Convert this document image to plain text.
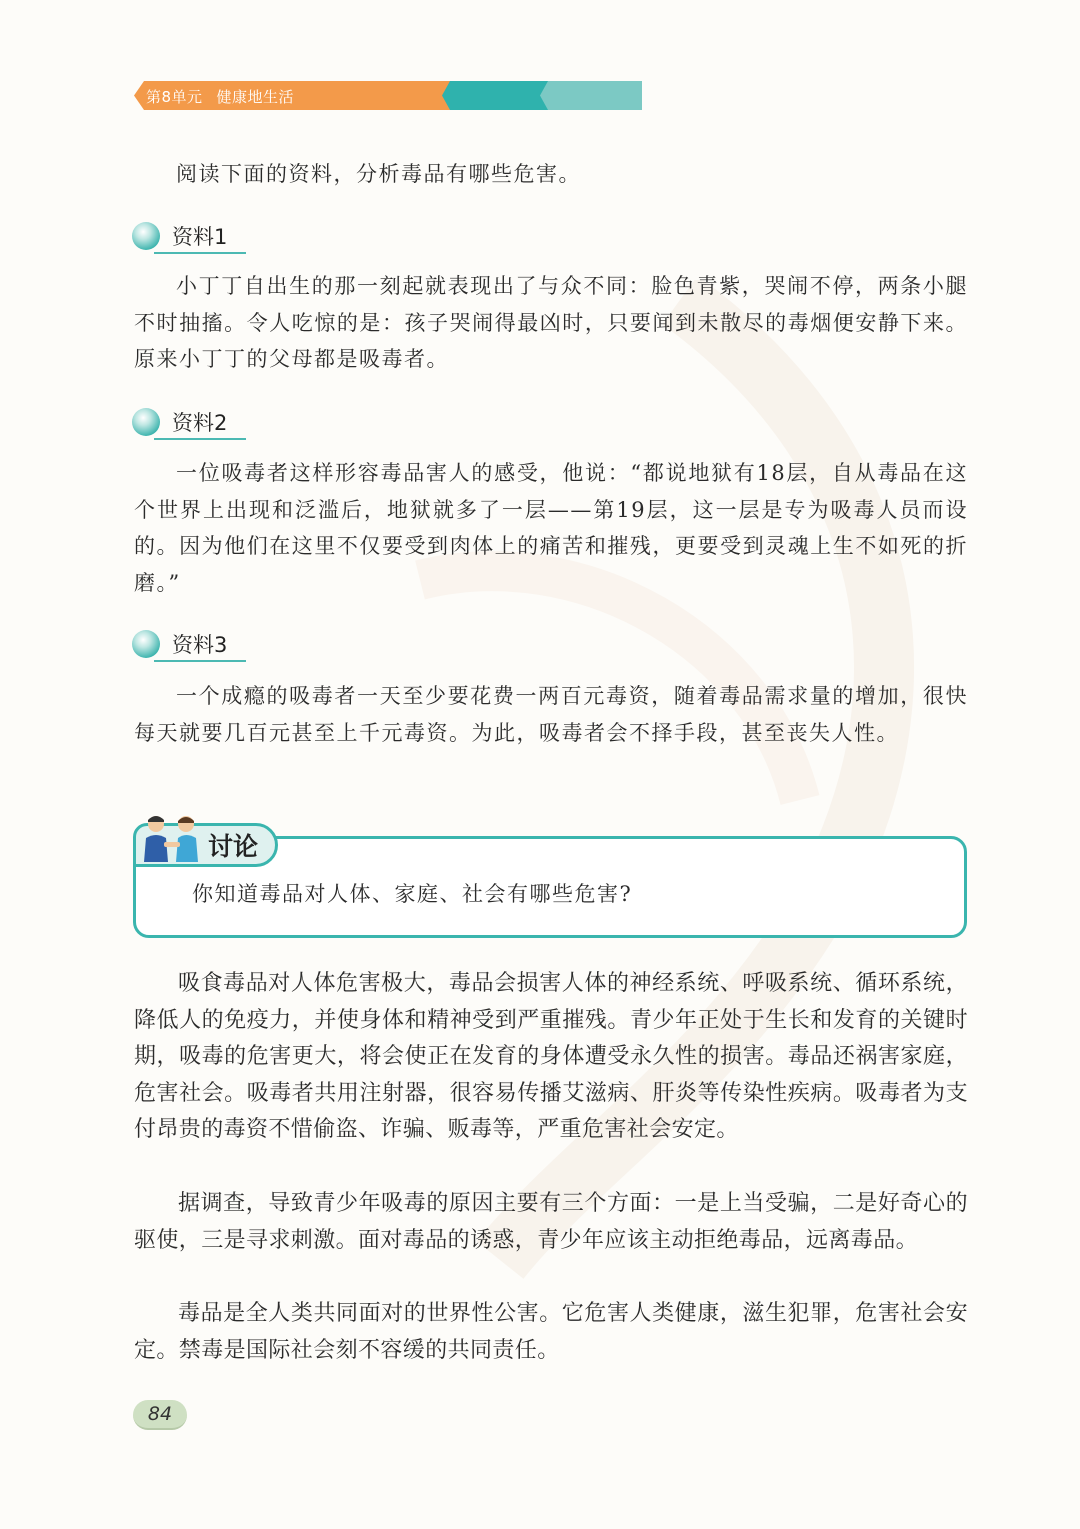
第8单元 健康地生活

阅读下面的资料，分析毒品有哪些危害。

资料1

小丁丁自出生的那一刻起就表现出了与众不同：脸色青紫，哭闹不停，两条小腿不时抽搐。令人吃惊的是：孩子哭闹得最凶时，只要闻到未散尽的毒烟便安静下来。原来小丁丁的父母都是吸毒者。

资料2

一位吸毒者这样形容毒品害人的感受，他说：“都说地狱有18层，自从毒品在这个世界上出现和泛滥后，地狱就多了一层——第19层，这一层是专为吸毒人员而设的。因为他们在这里不仅要受到肉体上的痛苦和摧残，更要受到灵魂上生不如死的折磨。”

资料3

一个成瘾的吸毒者一天至少要花费一两百元毒资，随着毒品需求量的增加，很快每天就要几百元甚至上千元毒资。为此，吸毒者会不择手段，甚至丧失人性。

讨论
你知道毒品对人体、家庭、社会有哪些危害?

吸食毒品对人体危害极大，毒品会损害人体的神经系统、呼吸系统、循环系统，降低人的免疫力，并使身体和精神受到严重摧残。青少年正处于生长和发育的关键时期，吸毒的危害更大，将会使正在发育的身体遭受永久性的损害。毒品还祸害家庭，危害社会。吸毒者共用注射器，很容易传播艾滋病、肝炎等传染性疾病。吸毒者为支付昂贵的毒资不惜偷盗、诈骗、贩毒等，严重危害社会安定。

据调查，导致青少年吸毒的原因主要有三个方面：一是上当受骗，二是好奇心的驱使，三是寻求刺激。面对毒品的诱惑，青少年应该主动拒绝毒品，远离毒品。

毒品是全人类共同面对的世界性公害。它危害人类健康，滋生犯罪，危害社会安定。禁毒是国际社会刻不容缓的共同责任。

84
